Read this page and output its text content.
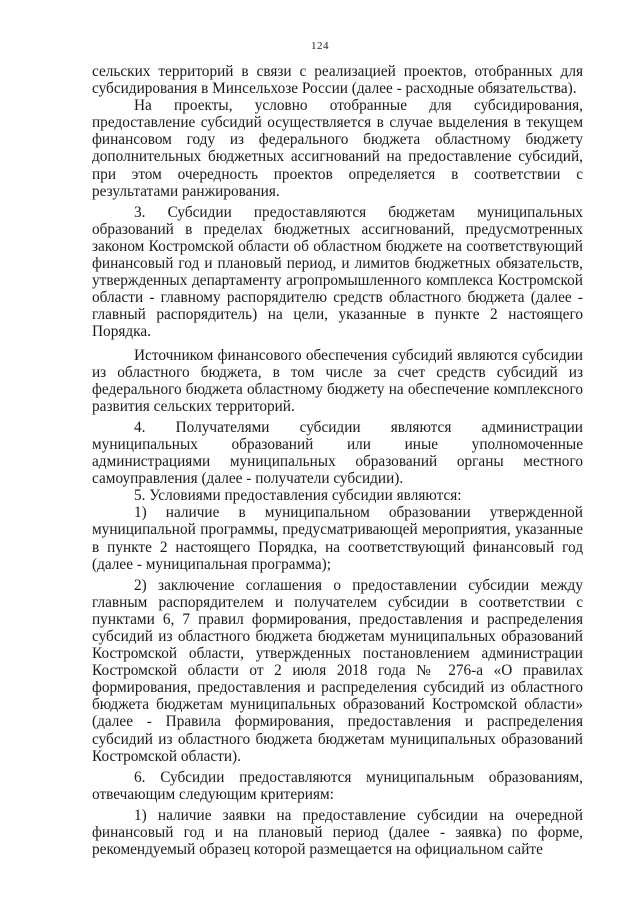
124

сельских территорий в связи с реализацией проектов, отобранных для субсидирования в Минсельхозе России (далее - расходные обязательства).

На проекты, условно отобранные для субсидирования, предоставление субсидий осуществляется в случае выделения в текущем финансовом году из федерального бюджета областному бюджету дополнительных бюджетных ассигнований на предоставление субсидий, при этом очередность проектов определяется в соответствии с результатами ранжирования.

3. Субсидии предоставляются бюджетам муниципальных образований в пределах бюджетных ассигнований, предусмотренных законом Костромской области об областном бюджете на соответствующий финансовый год и плановый период, и лимитов бюджетных обязательств, утвержденных департаменту агропромышленного комплекса Костромской области - главному распорядителю средств областного бюджета (далее - главный распорядитель) на цели, указанные в пункте 2 настоящего Порядка.

Источником финансового обеспечения субсидий являются субсидии из областного бюджета, в том числе за счет средств субсидий из федерального бюджета областному бюджету на обеспечение комплексного развития сельских территорий.

4. Получателями субсидии являются администрации муниципальных образований или иные уполномоченные администрациями муниципальных образований органы местного самоуправления (далее - получатели субсидии).

5. Условиями предоставления субсидии являются:

1) наличие в муниципальном образовании утвержденной муниципальной программы, предусматривающей мероприятия, указанные в пункте 2 настоящего Порядка, на соответствующий финансовый год (далее - муниципальная программа);

2) заключение соглашения о предоставлении субсидии между главным распорядителем и получателем субсидии в соответствии с пунктами 6, 7 правил формирования, предоставления и распределения субсидий из областного бюджета бюджетам муниципальных образований Костромской области, утвержденных постановлением администрации Костромской области от 2 июля 2018 года № 276-а «О правилах формирования, предоставления и распределения субсидий из областного бюджета бюджетам муниципальных образований Костромской области» (далее - Правила формирования, предоставления и распределения субсидий из областного бюджета бюджетам муниципальных образований Костромской области).

6. Субсидии предоставляются муниципальным образованиям, отвечающим следующим критериям:

1) наличие заявки на предоставление субсидии на очередной финансовый год и на плановый период (далее - заявка) по форме, рекомендуемый образец которой размещается на официальном сайте
